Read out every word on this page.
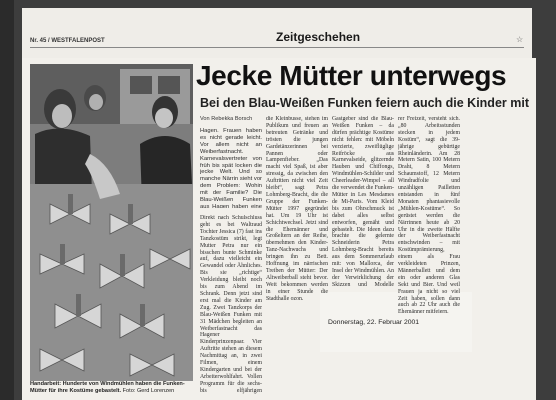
Nr. 45 / WESTFALENPOST	Zeitgeschehen	☆
Jecke Mütter unterwegs
Bei den Blau-Weißen Funken feiern auch die Kinder mit
Handarbeit: Hunderte von Windmühlen haben die Funken-Mütter für ihre Kostüme gebastelt. Foto: Gerd Lorenzen
Von Rebekka Borsch
Hagen. Frauen haben es nicht gerade leicht. Vor allem nicht an Weiberfastnacht. Karnevalsvertreter von früh bis spät locken die jecke Welt. Und so manche Närrin sieht vor dem Problem: Wohin mit der Familie? Die Blau-Weißen Funken aus Hagen haben eine
Direkt nach Schulschluss geht es bei Waltraud Tochter Jessica (7) fast ins Tanzkostüm strikt, legt Mutter Petra nur ein bisschen bunte Schminke auf, dazu vielleicht ein Gewandel oder Ähnliches. Bis sie „richtige“ Verkleidung bleibt noch bis zum Abend im Schrank. Denn jetzt sind erst mal die Kinder am Zug. Zwei Tanzkorps der Blau-Weißen Funken mit 31 Mädchen begleiten an Weiberfastnacht das Hagener Kinderprinzenpaar. Vier Auftritte stehen an diesem Nachmittag an, in zwei Filmen, einem Kindergarten und bei der Arbeiterwohlfahrt. Vollen Programm für die sechs- bis elfjährigen
die Kleinbusse, stehen im Publikum und freuen an betreuten Getränke und trösten die jungen Gardetänzerinnen bei Pannen oder Lampenfieber. „Das macht viel Spaß, ist aber stressig, da zwischen den Auftritten nicht viel Zeit bleibt“, sagt Petra Lohmberg-Bracht, die die Gruppe der Funken-Mütter 1997 gegründet hat. Um 19 Uhr ist Schichtwechsel. Jetzt sind die Ehemänner und Großeltern an der Reihe, übernehmen den Kinder-Tanz-Nachwuchs und bringen ihn zu Bett. Hoffnung im närrischen Treiben der Mütter: Der Altweiberball steht bevor. Weit bekommen werden in einer Stunde die Stadthalle ozon.
Gastgeber sind die Blau-Weißen Funken – da dürfen prächtige Kostüme nicht fehlen: mit Möbeln verzierte, zweiflüglige Reifröcke aus Karnevalseide, glitzernde Hauben und Chiffongs, Windmühlen-Schilder und Cheerleader-Wimpel – all die verwendet die Funken-Mütter in Les Mesdames de Mi-Paris. Vom Kleid bis zum Ohrschmuck ist dabei alles selbst entworfen, gemäht und gebastelt. Die Ideen dazu brachte die gelernte Schneiderin Petra Lohmberg-Bracht bereits aus dem Sommerurlaub mit: von Mallorca, der Insel der Windmühlen. An der Verwirklichung der Skizzen und Modelle
rer Freizeit, versteht sich. „80 Arbeitsstunden stecken in jedem Kostüm“, sagt die 39-jährige gebürtige Rheinländerin. Am 28 Metern Satin, 100 Metern Draht, 8 Metern Schaumstoff, 12 Metern Windradfolie und unzähligen Pailletten entstanden in fünf Monaten phantasievolle „Mühlen-Kostüme“. So gerüstet werden die Närrinnen heute ab 20 Uhr in die zweite Hälfte der Weiberfastnacht entschwinden – mit Kostümprämierung, einem als Frau verkleideten Prinzen, Männerballett und dem ein oder anderen Glas Sekt und Bier. Und weil Frauen ja nicht so viel Zeit haben, sollen dann auch ab 22 Uhr auch die Ehemänner mitfeiern.
Donnerstag, 22. Februar 2001
